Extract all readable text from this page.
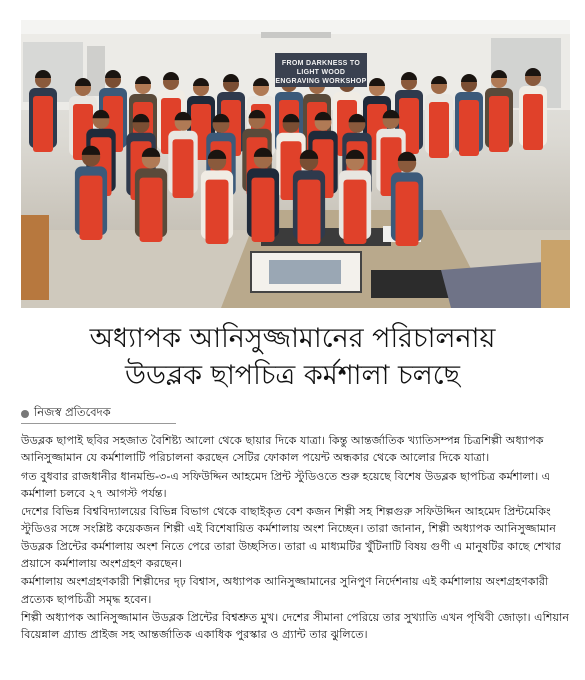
FROM DARKNESS TO LIGHT WOOD ENGRAVING WORKSHOP
অধ্যাপক আনিসুজ্জামানের পরিচালনায়
উডব্লক ছাপচিত্র কর্মশালা চলছে
নিজস্ব প্রতিবেদক

উডব্লক ছাপাই ছবির সহজাত বৈশিষ্ট্য আলো থেকে ছায়ার দিকে যাত্রা। কিন্তু আন্তর্জাতিক খ্যাতিসম্পন্ন চিত্রশিল্পী অধ্যাপক আনিসুজ্জামান যে কর্মশালাটি পরিচালনা করছেন সেটির ফোকাল পয়েন্ট অন্ধকার থেকে আলোর দিকে যাত্রা।

গত বুধবার রাজধানীর ধানমন্ডি-৩-এ সফিউদ্দিন আহমেদ প্রিন্ট স্টুডিওতে শুরু হয়েছে বিশেষ উডব্লক ছাপচিত্র কর্মশালা। এ কর্মশালা চলবে ২৭ আগস্ট পর্যন্ত।

দেশের বিভিন্ন বিশ্ববিদ্যালয়ের বিভিন্ন বিভাগ থেকে বাছাইকৃত বেশ কজন শিল্পী সহ শিল্পগুরু সফিউদ্দিন আহমেদ প্রিন্টমেকিং স্টুডিওর সঙ্গে সংশ্লিষ্ট কয়েকজন শিল্পী এই বিশেষায়িত কর্মশালায় অংশ নিচ্ছেন। তারা জানান, শিল্পী অধ্যাপক আনিসুজ্জামান উডব্লক প্রিন্টের কর্মশালায় অংশ নিতে পেরে তারা উচ্ছসিত। তারা এ মাধ্যমটির খুঁটিনাটি বিষয় গুণী এ মানুষটির কাছে শেখার প্রয়াসে কর্মশালায় অংশগ্রহণ করছেন।

কর্মশালায় অংশগ্রহণকারী শিল্পীদের দৃঢ় বিশ্বাস, অধ্যাপক আনিসুজ্জামানের সুনিপুণ নির্দেশনায় এই কর্মশালায় অংশগ্রহণকারী প্রত্যেক ছাপচিত্রী সমৃদ্ধ হবেন।

শিল্পী অধ্যাপক আনিসুজ্জামান উডব্লক প্রিন্টের বিশ্বশ্রুত মুখ। দেশের সীমানা পেরিয়ে তার সুখ্যাতি এখন পৃথিবী জোড়া। এশিয়ান বিয়েন্নাল গ্র্যান্ড প্রাইজ সহ আন্তর্জাতিক একাধিক পুরস্কার ও গ্র্যান্ট তার ঝুলিতে।
